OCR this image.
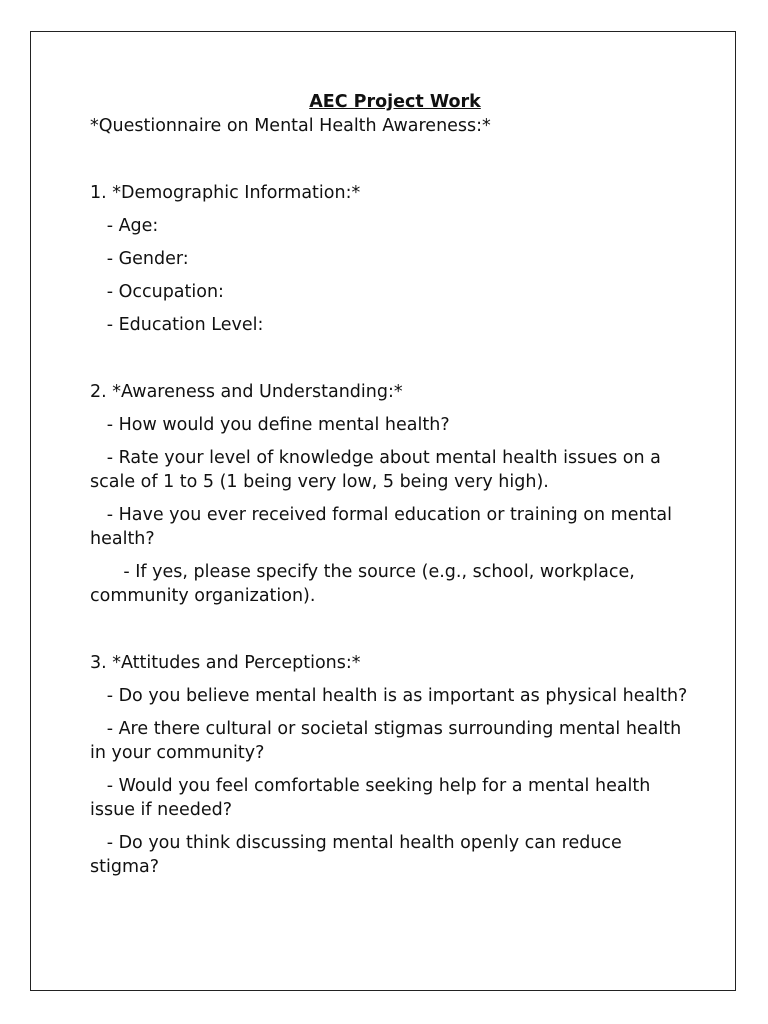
AEC Project Work

*Questionnaire on Mental Health Awareness:*

1. *Demographic Information:*

- Age:

- Gender:

- Occupation:

- Education Level:

2. *Awareness and Understanding:*

- How would you define mental health?

- Rate your level of knowledge about mental health issues on a scale of 1 to 5 (1 being very low, 5 being very high).

- Have you ever received formal education or training on mental health?

- If yes, please specify the source (e.g., school, workplace, community organization).

3. *Attitudes and Perceptions:*

- Do you believe mental health is as important as physical health?

- Are there cultural or societal stigmas surrounding mental health in your community?

- Would you feel comfortable seeking help for a mental health issue if needed?

- Do you think discussing mental health openly can reduce stigma?
